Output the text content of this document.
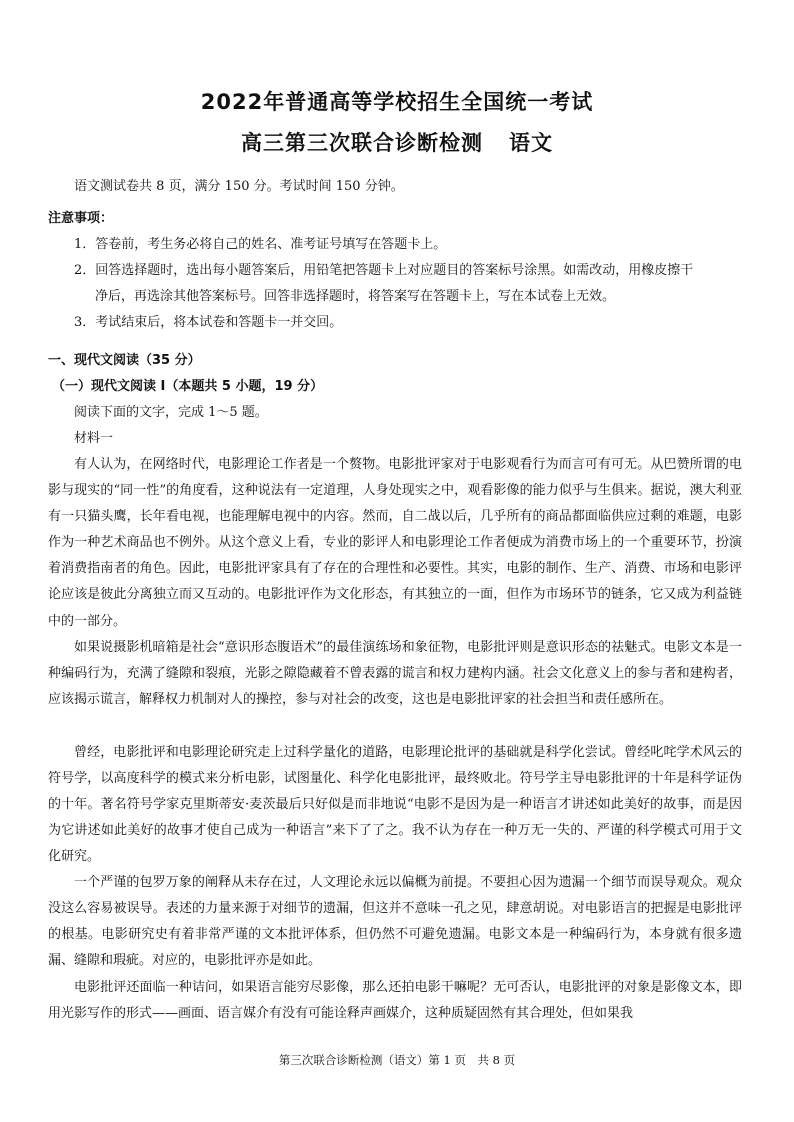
2022年普通高等学校招生全国统一考试
高三第三次联合诊断检测 语文
语文测试卷共 8 页，满分 150 分。考试时间 150 分钟。
注意事项：
1．答卷前，考生务必将自己的姓名、准考证号填写在答题卡上。
2．回答选择题时，选出每小题答案后，用铅笔把答题卡上对应题目的答案标号涂黑。如需改动，用橡皮擦干
净后，再选涂其他答案标号。回答非选择题时，将答案写在答题卡上，写在本试卷上无效。
3．考试结束后，将本试卷和答题卡一并交回。
一、现代文阅读（35 分）
（一）现代文阅读 Ⅰ（本题共 5 小题，19 分）
阅读下面的文字，完成 1～5 题。
材料一
有人认为，在网络时代，电影理论工作者是一个赘物。电影批评家对于电影观看行为而言可有可无。从巴赞所谓的电影与现实的“同一性”的角度看，这种说法有一定道理，人身处现实之中，观看影像的能力似乎与生俱来。据说，澳大利亚有一只猫头鹰，长年看电视，也能理解电视中的内容。然而，自二战以后，几乎所有的商品都面临供应过剩的难题，电影作为一种艺术商品也不例外。从这个意义上看，专业的影评人和电影理论工作者便成为消费市场上的一个重要环节，扮演着消费指南者的角色。因此，电影批评家具有了存在的合理性和必要性。其实，电影的制作、生产、消费、市场和电影评论应该是彼此分离独立而又互动的。电影批评作为文化形态，有其独立的一面，但作为市场环节的链条，它又成为利益链中的一部分。
如果说摄影机暗箱是社会“意识形态腹语术”的最佳演练场和象征物，电影批评则是意识形态的祛魅式。电影文本是一种编码行为，充满了缝隙和裂痕，光影之隙隐藏着不曾表露的谎言和权力建构内涵。社会文化意义上的参与者和建构者，应该揭示谎言，解释权力机制对人的操控，参与对社会的改变，这也是电影批评家的社会担当和责任感所在。
曾经，电影批评和电影理论研究走上过科学量化的道路，电影理论批评的基础就是科学化尝试。曾经叱咤学术风云的符号学，以高度科学的模式来分析电影，试图量化、科学化电影批评，最终败北。符号学主导电影批评的十年是科学证伪的十年。著名符号学家克里斯蒂安·麦茨最后只好似是而非地说“电影不是因为是一种语言才讲述如此美好的故事，而是因为它讲述如此美好的故事才使自己成为一种语言”来下了了之。我不认为存在一种万无一失的、严谨的科学模式可用于文化研究。
一个严谨的包罗万象的阐释从未存在过，人文理论永远以偏概为前提。不要担心因为遗漏一个细节而误导观众。观众没这么容易被误导。表述的力量来源于对细节的遗漏，但这并不意味一孔之见，肆意胡说。对电影语言的把握是电影批评的根基。电影研究史有着非常严谨的文本批评体系，但仍然不可避免遗漏。电影文本是一种编码行为，本身就有很多遗漏、缝隙和瑕疵。对应的，电影批评亦是如此。
电影批评还面临一种诘问，如果语言能穷尽影像，那么还拍电影干嘛呢？无可否认，电影批评的对象是影像文本，即用光影写作的形式——画面、语言媒介有没有可能诠释声画媒介，这种质疑固然有其合理处，但如果我
第三次联合诊断检测（语文）第 1 页　共 8 页
